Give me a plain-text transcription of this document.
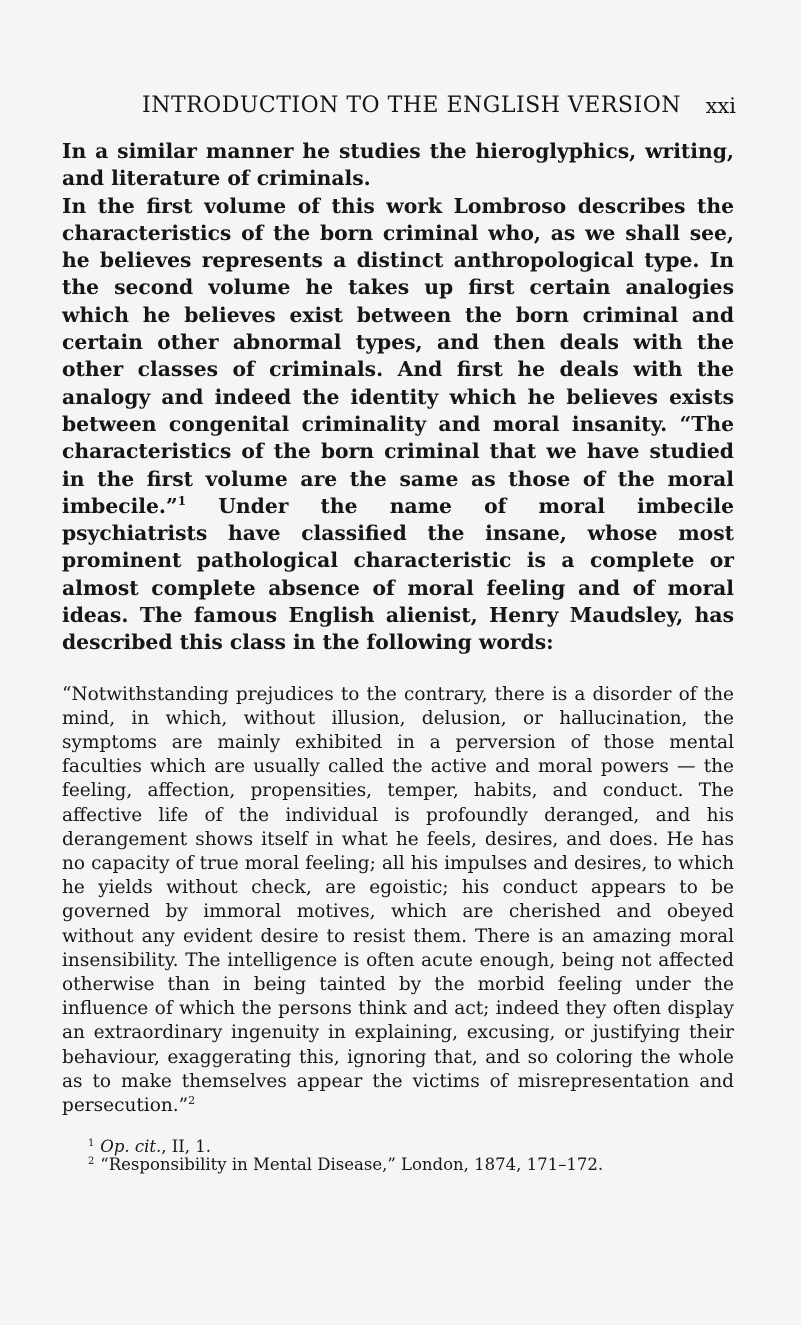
INTRODUCTION TO THE ENGLISH VERSION xxi

In a similar manner he studies the hieroglyphics, writing, and literature of criminals.

In the first volume of this work Lombroso describes the characteristics of the born criminal who, as we shall see, he believes represents a distinct anthropological type. In the second volume he takes up first certain analogies which he believes exist between the born criminal and certain other abnormal types, and then deals with the other classes of criminals. And first he deals with the analogy and indeed the identity which he believes exists between congenital criminality and moral insanity. “The characteristics of the born criminal that we have studied in the first volume are the same as those of the moral imbecile.”$^1$ Under the name of moral imbecile psychiatrists have classified the insane, whose most prominent pathological characteristic is a complete or almost complete absence of moral feeling and of moral ideas. The famous English alienist, Henry Maudsley, has described this class in the following words:

“Notwithstanding prejudices to the contrary, there is a disorder of the mind, in which, without illusion, delusion, or hallucination, the symptoms are mainly exhibited in a perversion of those mental faculties which are usually called the active and moral powers — the feeling, affection, propensities, temper, habits, and conduct. The affective life of the individual is profoundly deranged, and his derangement shows itself in what he feels, desires, and does. He has no capacity of true moral feeling; all his impulses and desires, to which he yields without check, are egoistic; his conduct appears to be governed by immoral motives, which are cherished and obeyed without any evident desire to resist them. There is an amazing moral insensibility. The intelligence is often acute enough, being not affected otherwise than in being tainted by the morbid feeling under the influence of which the persons think and act; indeed they often display an extraordinary ingenuity in explaining, excusing, or justifying their behaviour, exaggerating this, ignoring that, and so coloring the whole as to make themselves appear the victims of misrepresentation and persecution.”$^2$

$^1$ Op. cit., II, 1.

$^2$ “Responsibility in Mental Disease,” London, 1874, 171–172.
